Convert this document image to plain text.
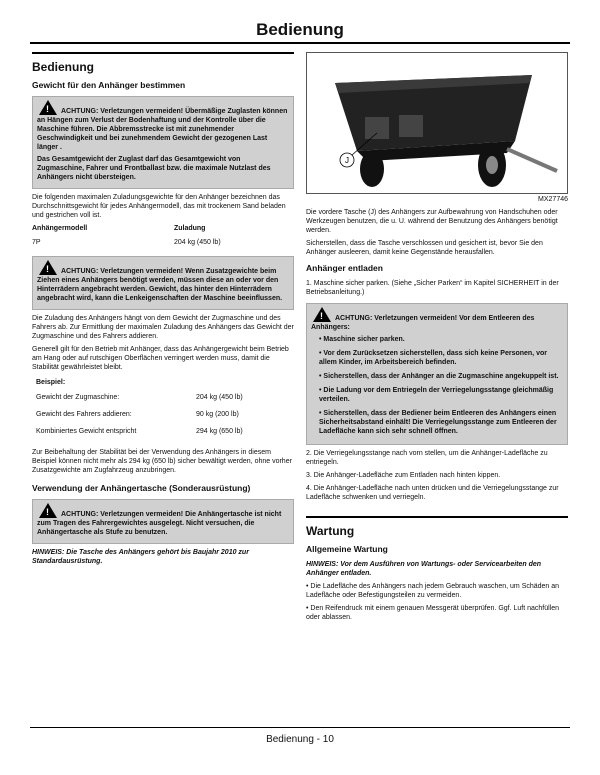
Bedienung
Bedienung
Gewicht für den Anhänger bestimmen

!ACHTUNG: Verletzungen vermeiden! Übermäßige Zuglasten können an Hängen zum Verlust der Bodenhaftung und der Kontrolle über die Maschine führen. Die Abbremsstrecke ist mit zunehmender Geschwindigkeit und bei zunehmendem Gewicht der gezogenen Last länger .

Das Gesamtgewicht der Zuglast darf das Gesamtgewicht von Zugmaschine, Fahrer und Frontballast bzw. die maximale Nutzlast des Anhängers nicht übersteigen.

Die folgenden maximalen Zuladungsgewichte für den Anhänger bezeichnen das Durchschnittsgewicht für jedes Anhängermodell, das mit trockenem Sand beladen und gestrichen voll ist.

Anhängermodell	Zuladung
7P	204 kg (450 lb)

!ACHTUNG: Verletzungen vermeiden! Wenn Zusatzgewichte beim Ziehen eines Anhängers benötigt werden, müssen diese an oder vor den Hinterrädern angebracht werden. Gewicht, das hinter den Hinterrädern angebracht wird, kann die Lenkeigenschaften der Maschine beeinflussen.

Die Zuladung des Anhängers hängt von dem Gewicht der Zugmaschine und des Fahrers ab. Zur Ermittlung der maximalen Zuladung des Anhängers das Gewicht der Zugmaschine und des Fahrers addieren.

Generell gilt für den Betrieb mit Anhänger, dass das Anhängergewicht beim Betrieb am Hang oder auf rutschigen Oberflächen verringert werden muss, damit die Stabilität gewährleistet bleibt.

Beispiel:
Gewicht der Zugmaschine:	204 kg (450 lb)
Gewicht des Fahrers addieren:	90 kg (200 lb)
Kombiniertes Gewicht entspricht	294 kg (650 lb)

Zur Beibehaltung der Stabilität bei der Verwendung des Anhängers in diesem Beispiel können nicht mehr als 294 kg (650 lb) sicher bewältigt werden, ohne vorher Zusatzgewichte am Zugfahrzeug anzubringen.

Verwendung der Anhängertasche (Sonderausrüstung)

!ACHTUNG: Verletzungen vermeiden! Die Anhängertasche ist nicht zum Tragen des Fahrergewichtes ausgelegt. Nicht versuchen, die Anhängertasche als Stufe zu benutzen.

HINWEIS: Die Tasche des Anhängers gehört bis Baujahr 2010 zur Standardausrüstung.

J
MX27746

Die vordere Tasche (J) des Anhängers zur Aufbewahrung von Handschuhen oder Werkzeugen benutzen, die u. U. während der Benutzung des Anhängers benötigt werden.

Sicherstellen, dass die Tasche verschlossen und gesichert ist, bevor Sie den Anhänger ausleeren, damit keine Gegenstände herausfallen.

Anhänger entladen

1. Maschine sicher parken. (Siehe „Sicher Parken“ im Kapitel SICHERHEIT in der Betriebsanleitung.)

!ACHTUNG: Verletzungen vermeiden! Vor dem Entleeren des Anhängers:

• Maschine sicher parken.

• Vor dem Zurücksetzen sicherstellen, dass sich keine Personen, vor allem Kinder, im Arbeitsbereich befinden.

• Sicherstellen, dass der Anhänger an die Zugmaschine angekuppelt ist.

• Die Ladung vor dem Entriegeln der Verriegelungsstange gleichmäßig verteilen.

• Sicherstellen, dass der Bediener beim Entleeren des Anhängers einen Sicherheitsabstand einhält! Die Verriegelungsstange zum Entleeren der Ladefläche kann sich sehr schnell öffnen.

2. Die Verriegelungsstange nach vorn stellen, um die Anhänger-Ladefläche zu entriegeln.

3. Die Anhänger-Ladefläche zum Entladen nach hinten kippen.

4. Die Anhänger-Ladefläche nach unten drücken und die Verriegelungsstange zur Ladefläche schwenken und verriegeln.

Wartung
Allgemeine Wartung

HINWEIS: Vor dem Ausführen von Wartungs- oder Servicearbeiten den Anhänger entladen.

• Die Ladefläche des Anhängers nach jedem Gebrauch waschen, um Schäden an Ladefläche oder Befestigungsteilen zu vermeiden.

• Den Reifendruck mit einem genauen Messgerät überprüfen. Ggf. Luft nachfüllen oder ablassen.

Bedienung - 10
